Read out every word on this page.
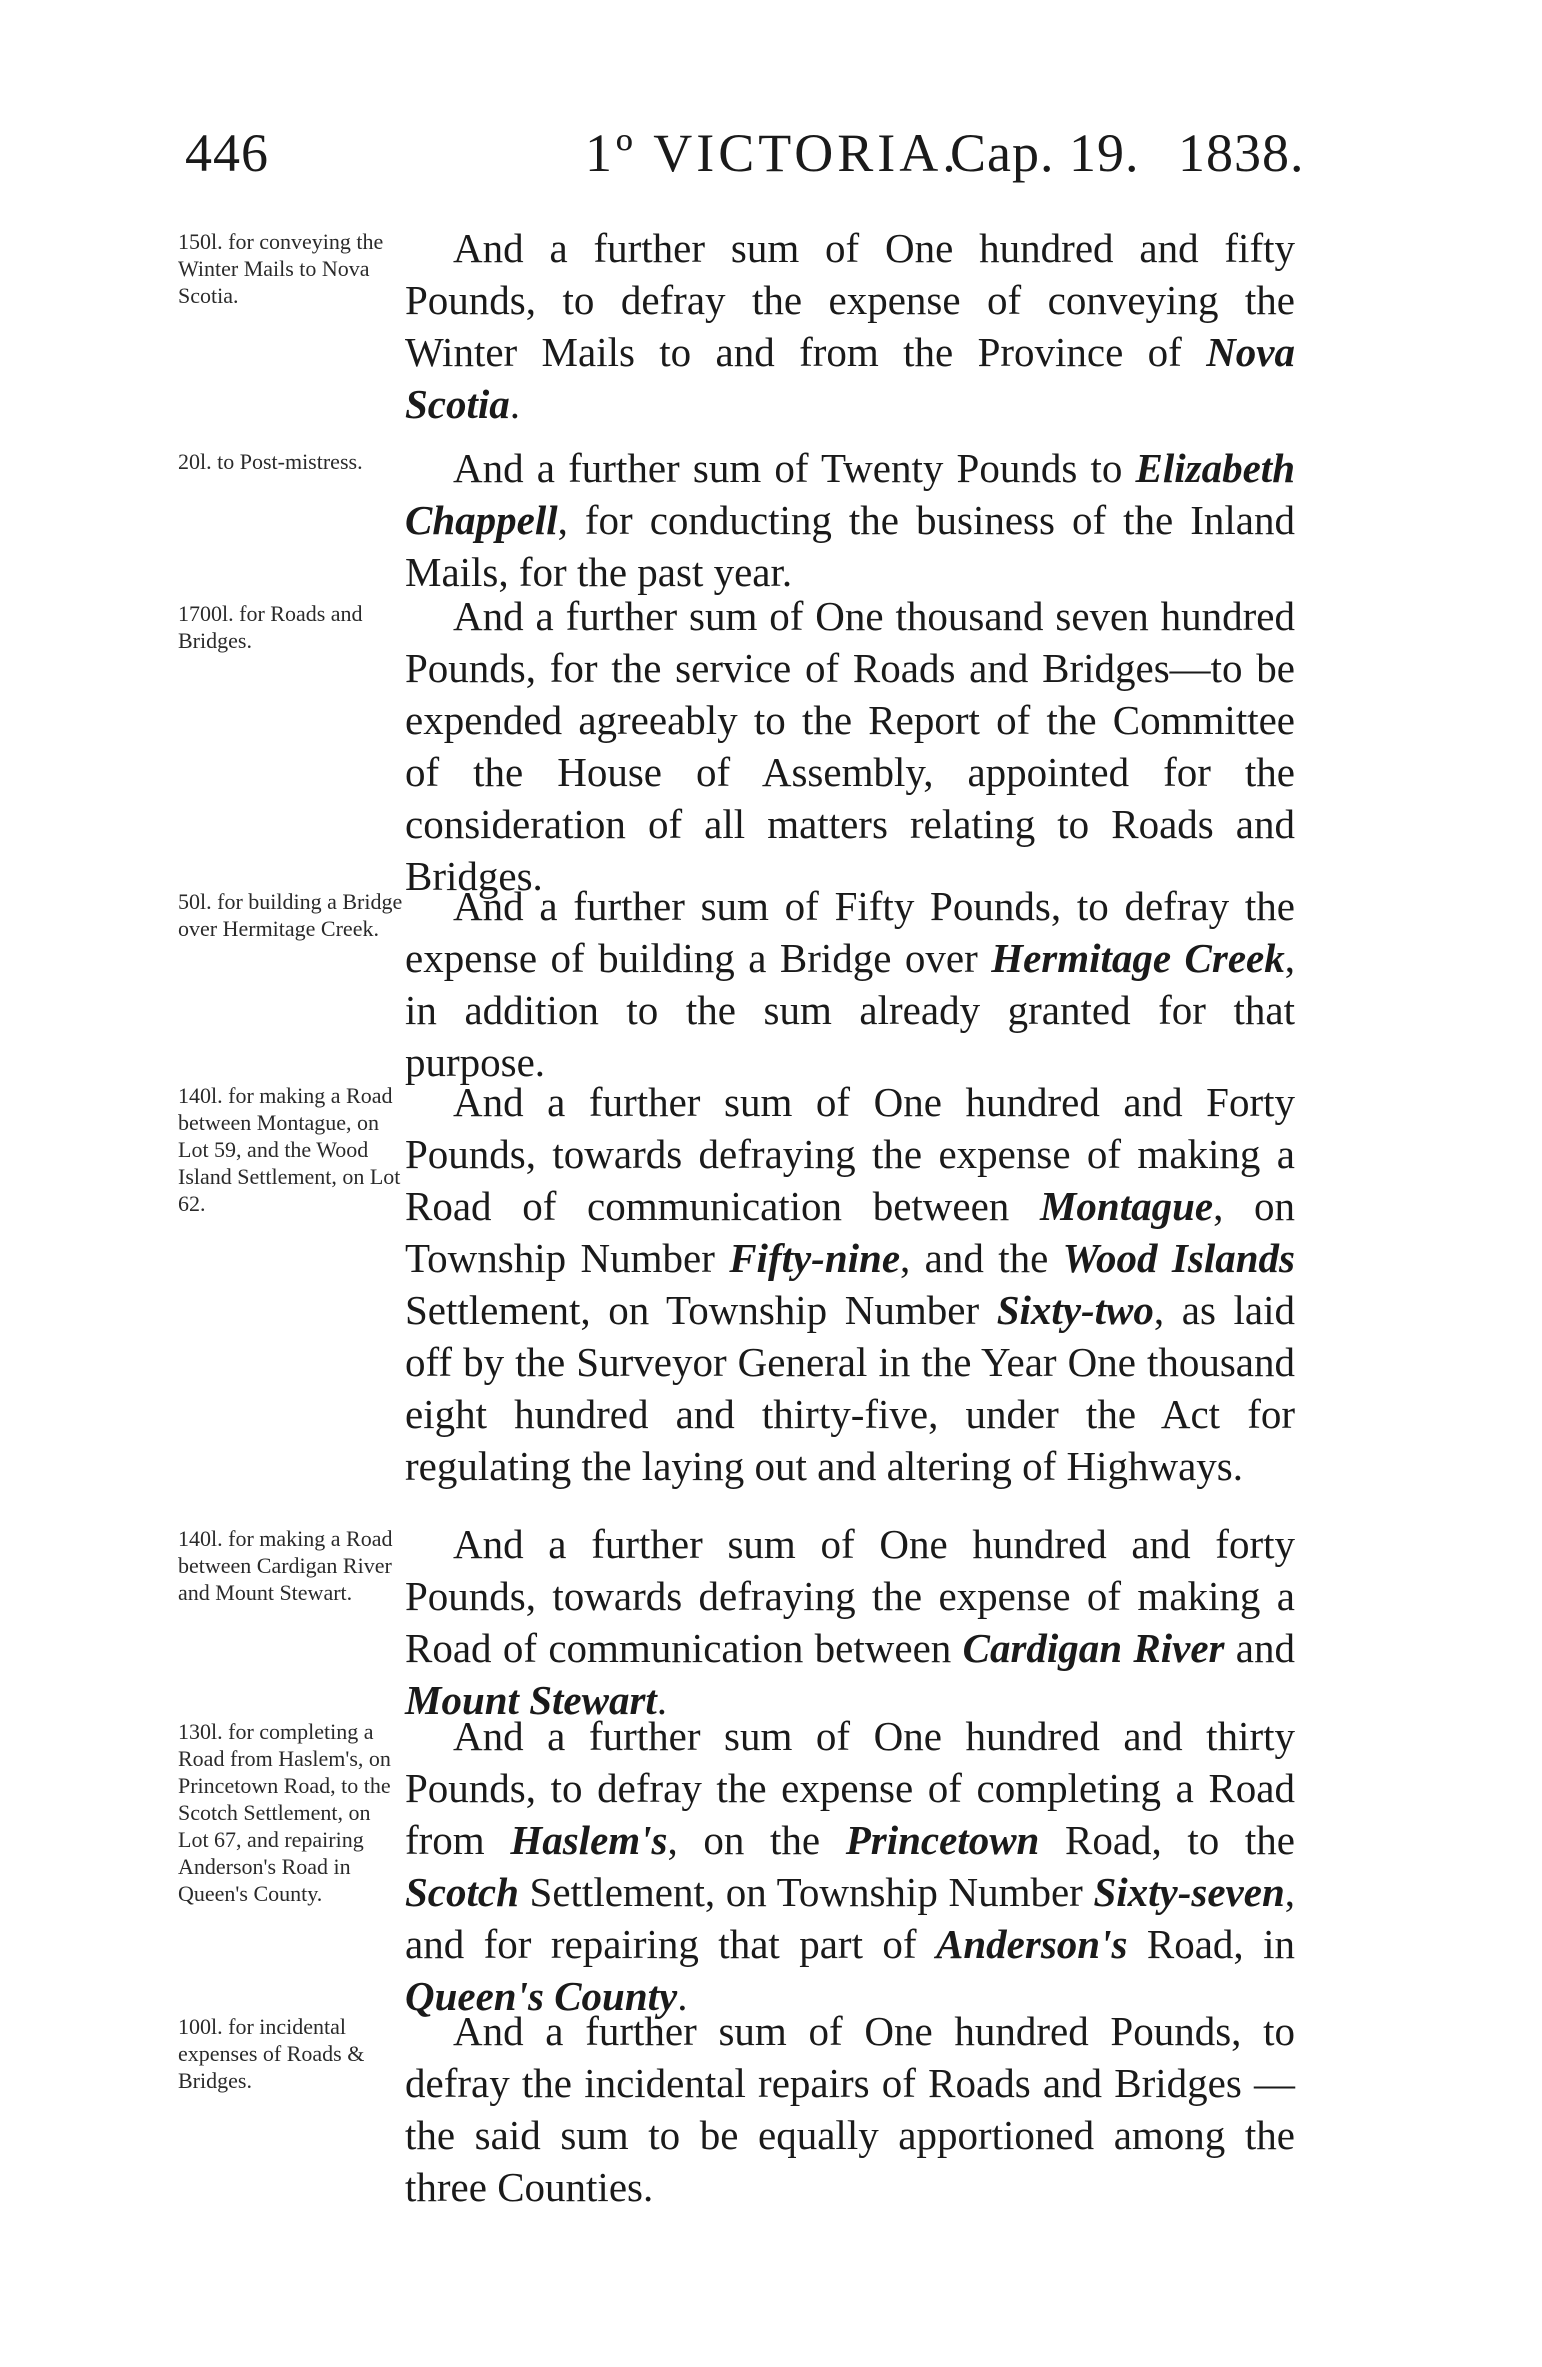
446	1º VICTORIA.
Cap. 19. 1838.
150l. for conveying the Winter Mails to Nova Scotia.
20l. to Post-mistress.
1700l. for Roads and Bridges.
50l. for building a Bridge over Hermitage Creek.
140l. for making a Road between Montague, on Lot 59, and the Wood Island Settlement, on Lot 62.
140l. for making a Road between Cardigan River and Mount Stewart.
130l. for completing a Road from Haslem's, on Princetown Road, to the Scotch Settlement, on Lot 67, and repairing Anderson's Road in Queen's County.
100l. for incidental expenses of Roads & Bridges.

And a further sum of One hundred and fifty Pounds, to defray the expense of conveying the Winter Mails to and from the Province of Nova Scotia.

And a further sum of Twenty Pounds to Elizabeth Chappell, for conducting the business of the Inland Mails, for the past year.

And a further sum of One thousand seven hundred Pounds, for the service of Roads and Bridges—to be expended agreeably to the Report of the Committee of the House of Assembly, appointed for the consideration of all matters relating to Roads and Bridges.

And a further sum of Fifty Pounds, to defray the expense of building a Bridge over Hermitage Creek, in addition to the sum already granted for that purpose.

And a further sum of One hundred and Forty Pounds, towards defraying the expense of making a Road of communication between Montague, on Township Number Fifty-nine, and the Wood Islands Settlement, on Township Number Sixty-two, as laid off by the Surveyor General in the Year One thousand eight hundred and thirty-five, under the Act for regulating the laying out and altering of Highways.

And a further sum of One hundred and forty Pounds, towards defraying the expense of making a Road of communication between Cardigan River and Mount Stewart.

And a further sum of One hundred and thirty Pounds, to defray the expense of completing a Road from Haslem's, on the Princetown Road, to the Scotch Settlement, on Township Number Sixty-seven, and for repairing that part of Anderson's Road, in Queen's County.

And a further sum of One hundred Pounds, to defray the incidental repairs of Roads and Bridges —the said sum to be equally apportioned among the three Counties.
